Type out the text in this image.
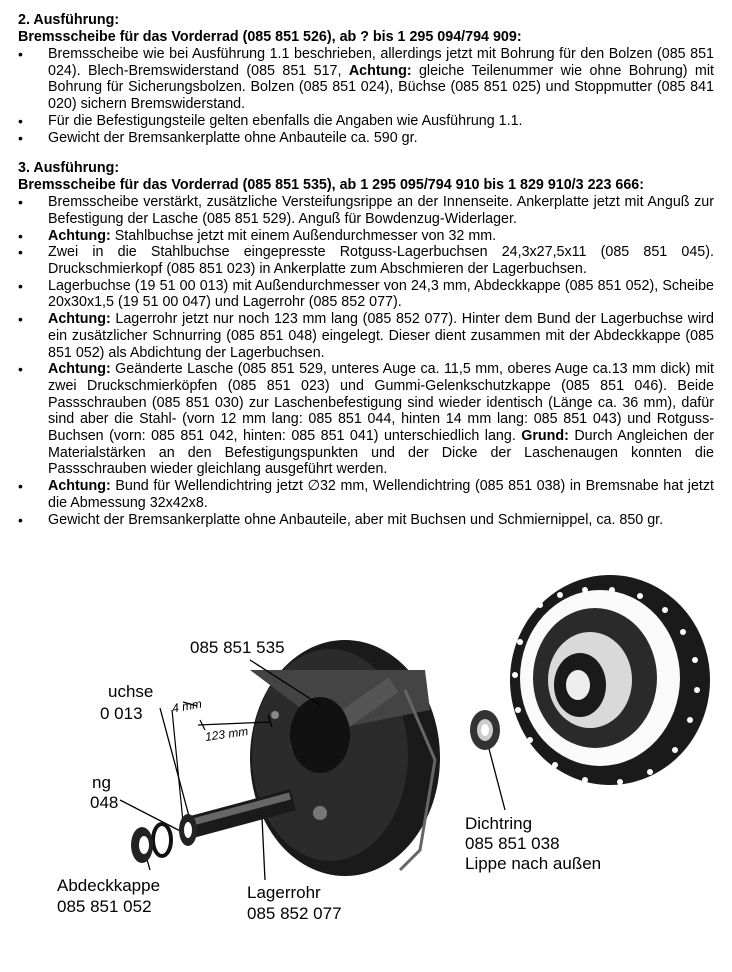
2. Ausführung:

Bremsscheibe für das Vorderrad (085 851 526), ab ? bis 1 295 094/794 909:

• Bremsscheibe wie bei Ausführung 1.1 beschrieben, allerdings jetzt mit Bohrung für den Bolzen (085 851 024). Blech-Bremswiderstand (085 851 517, Achtung: gleiche Teilenummer wie ohne Bohrung) mit Bohrung für Sicherungsbolzen. Bolzen (085 851 024), Büchse (085 851 025) und Stoppmutter (085 841 020) sichern Bremswiderstand.
• Für die Befestigungsteile gelten ebenfalls die Angaben wie Ausführung 1.1.
• Gewicht der Bremsankerplatte ohne Anbauteile ca. 590 gr.

3. Ausführung:

Bremsscheibe für das Vorderrad (085 851 535), ab 1 295 095/794 910 bis 1 829 910/3 223 666:

• Bremsscheibe verstärkt, zusätzliche Versteifungsrippe an der Innenseite. Ankerplatte jetzt mit Anguß zur Befestigung der Lasche (085 851 529). Anguß für Bowdenzug-Widerlager.
• Achtung: Stahlbuchse jetzt mit einem Außendurchmesser von 32 mm.
• Zwei in die Stahlbuchse eingepresste Rotguss-Lagerbuchsen 24,3x27,5x11 (085 851 045). Druckschmierkopf (085 851 023) in Ankerplatte zum Abschmieren der Lagerbuchsen.
• Lagerbuchse (19 51 00 013) mit Außendurchmesser von 24,3 mm, Abdeckkappe (085 851 052), Scheibe 20x30x1,5 (19 51 00 047) und Lagerrohr (085 852 077).
• Achtung: Lagerrohr jetzt nur noch 123 mm lang (085 852 077). Hinter dem Bund der Lagerbuchse wird ein zusätzlicher Schnurring (085 851 048) eingelegt. Dieser dient zusammen mit der Abdeckkappe (085 851 052) als Abdichtung der Lagerbuchsen.
• Achtung: Geänderte Lasche (085 851 529, unteres Auge ca. 11,5 mm, oberes Auge ca.13 mm dick) mit zwei Druckschmierköpfen (085 851 023) und Gummi-Gelenkschutzkappe (085 851 046). Beide Passschrauben (085 851 030) zur Laschenbefestigung sind wieder identisch (Länge ca. 36 mm), dafür sind aber die Stahl- (vorn 12 mm lang: 085 851 044, hinten 14 mm lang: 085 851 043) und Rotguss-Buchsen (vorn: 085 851 042, hinten: 085 851 041) unterschiedlich lang. Grund: Durch Angleichen der Materialstärken an den Befestigungspunkten und der Dicke der Laschenaugen konnten die Passschrauben wieder gleichlang ausgeführt werden.
• Achtung: Bund für Wellendichtring jetzt ∅32 mm, Wellendichtring (085 851 038) in Bremsnabe hat jetzt die Abmessung 32x42x8.
• Gewicht der Bremsankerplatte ohne Anbauteile, aber mit Buchsen und Schmiernippel, ca. 850 gr.
085 851 535
uchse
0 013 4 mm
123 mm
ng
048
Abdeckkappe
085 851 052
Lagerrohr
085 852 077
Dichtring
085 851 038
Lippe nach außen
